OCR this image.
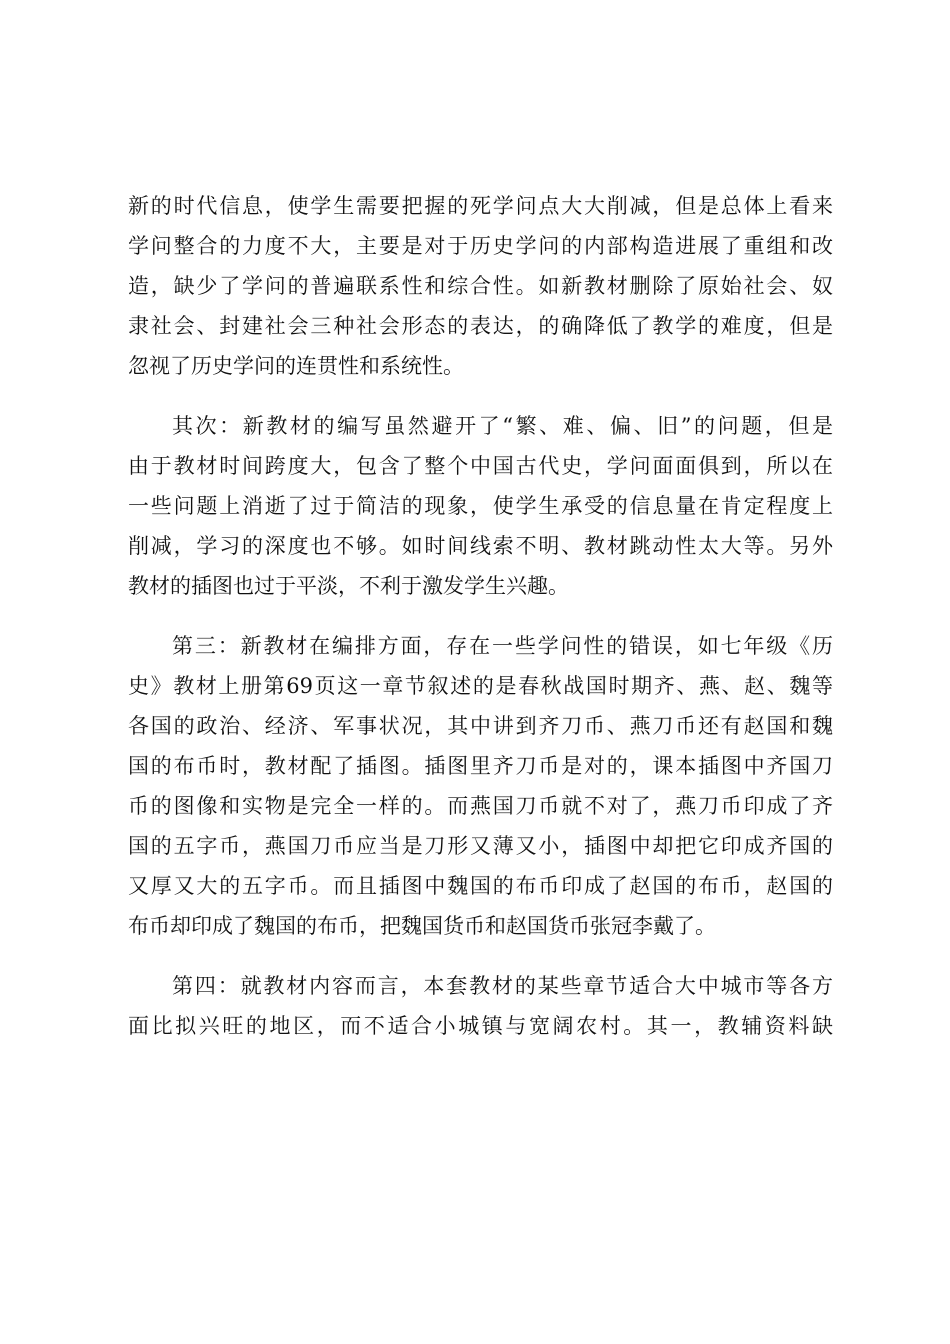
新的时代信息，使学生需要把握的死学问点大大削减，但是总体上看来
学问整合的力度不大，主要是对于历史学问的内部构造进展了重组和改
造，缺少了学问的普遍联系性和综合性。如新教材删除了原始社会、奴
隶社会、封建社会三种社会形态的表达，的确降低了教学的难度，但是
忽视了历史学问的连贯性和系统性。
其次：新教材的编写虽然避开了“繁、难、偏、旧”的问题，但是
由于教材时间跨度大，包含了整个中国古代史，学问面面俱到，所以在
一些问题上消逝了过于简洁的现象，使学生承受的信息量在肯定程度上
削减，学习的深度也不够。如时间线索不明、教材跳动性太大等。另外
教材的插图也过于平淡，不利于激发学生兴趣。
第三：新教材在编排方面，存在一些学问性的错误，如七年级《历
史》教材上册第69页这一章节叙述的是春秋战国时期齐、燕、赵、魏等
各国的政治、经济、军事状况，其中讲到齐刀币、燕刀币还有赵国和魏
国的布币时，教材配了插图。插图里齐刀币是对的，课本插图中齐国刀
币的图像和实物是完全一样的。而燕国刀币就不对了，燕刀币印成了齐
国的五字币，燕国刀币应当是刀形又薄又小，插图中却把它印成齐国的
又厚又大的五字币。而且插图中魏国的布币印成了赵国的布币，赵国的
布币却印成了魏国的布币，把魏国货币和赵国货币张冠李戴了。
第四：就教材内容而言，本套教材的某些章节适合大中城市等各方
面比拟兴旺的地区，而不适合小城镇与宽阔农村。其一，教辅资料缺
